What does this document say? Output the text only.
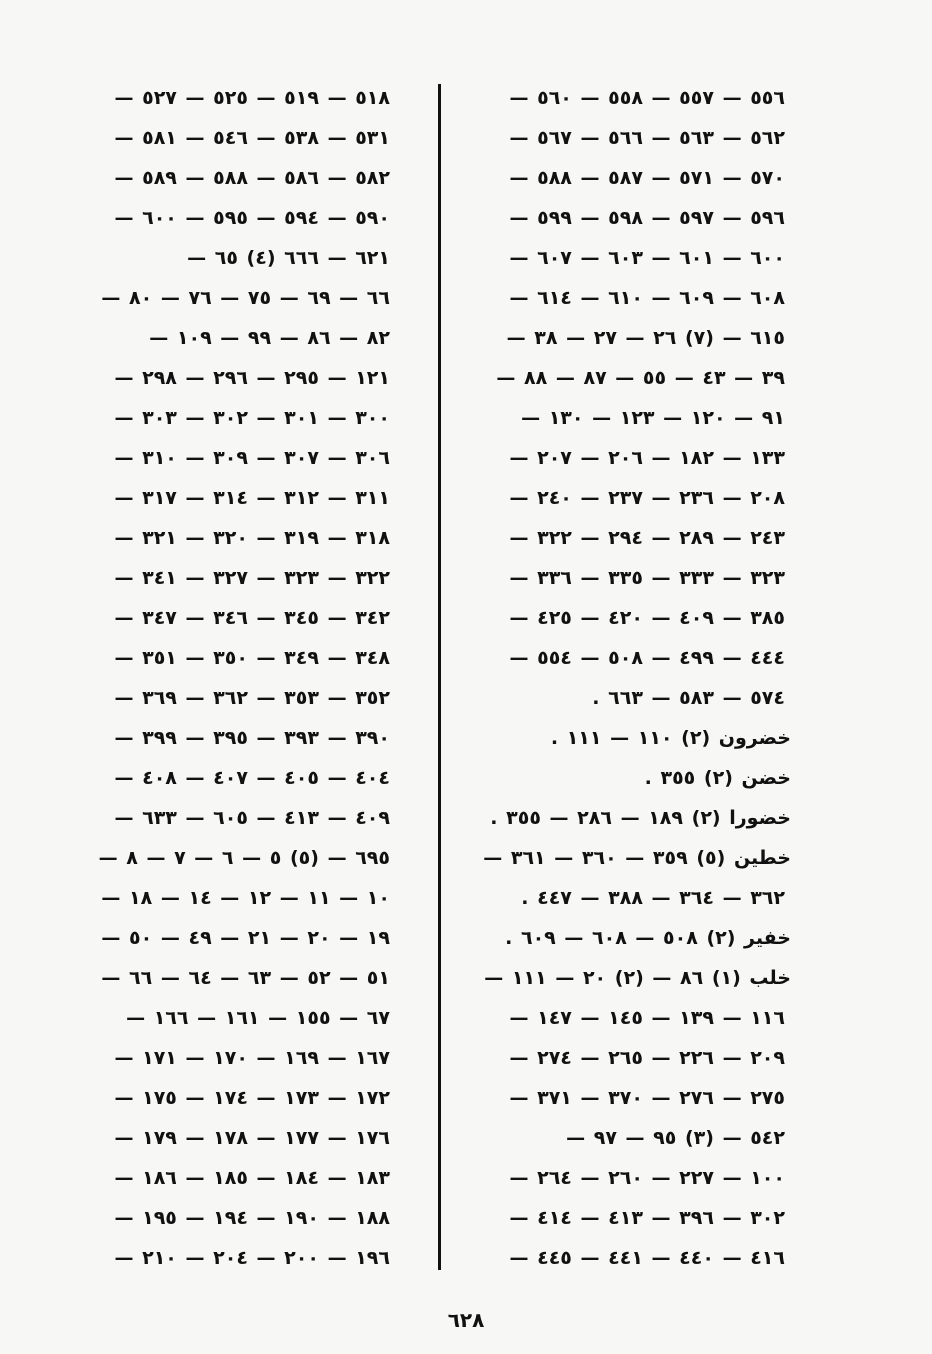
٥٥٦ — ٥٥٧ — ٥٥٨ — ٥٦٠ —
٥٦٢ — ٥٦٣ — ٥٦٦ — ٥٦٧ —
٥٧٠ — ٥٧١ — ٥٨٧ — ٥٨٨ —
٥٩٦ — ٥٩٧ — ٥٩٨ — ٥٩٩ —
٦٠٠ — ٦٠١ — ٦٠٣ — ٦٠٧ —
٦٠٨ — ٦٠٩ — ٦١٠ — ٦١٤ —
٦١٥ — (٧) ٢٦ — ٢٧ — ٣٨ —
٣٩ — ٤٣ — ٥٥ — ٨٧ — ٨٨ —
٩١ — ١٢٠ — ١٢٣ — ١٣٠ —
١٣٣ — ١٨٢ — ٢٠٦ — ٢٠٧ —
٢٠٨ — ٢٣٦ — ٢٣٧ — ٢٤٠ —
٢٤٣ — ٢٨٩ — ٢٩٤ — ٣٢٢ —
٣٢٣ — ٣٣٣ — ٣٣٥ — ٣٣٦ —
٣٨٥ — ٤٠٩ — ٤٢٠ — ٤٢٥ —
٤٤٤ — ٤٩٩ — ٥٠٨ — ٥٥٤ —
٥٧٤ — ٥٨٣ — ٦٦٣ .
خضرون (٢) ١١٠ — ١١١ .
خضن (٢) ٣٥٥ .
خضورا (٢) ١٨٩ — ٢٨٦ — ٣٥٥ .
خطين (٥) ٣٥٩ — ٣٦٠ — ٣٦١ —
٣٦٢ — ٣٦٤ — ٣٨٨ — ٤٤٧ .
خفير (٢) ٥٠٨ — ٦٠٨ — ٦٠٩ .
خلب (١) ٨٦ — (٢) ٢٠ — ١١١ —
١١٦ — ١٣٩ — ١٤٥ — ١٤٧ —
٢٠٩ — ٢٢٦ — ٢٦٥ — ٢٧٤ —
٢٧٥ — ٢٧٦ — ٣٧٠ — ٣٧١ —
٥٤٢ — (٣) ٩٥ — ٩٧ —
١٠٠ — ٢٢٧ — ٢٦٠ — ٢٦٤ —
٣٠٢ — ٣٩٦ — ٤١٣ — ٤١٤ —
٤١٦ — ٤٤٠ — ٤٤١ — ٤٤٥ —
٥١٨ — ٥١٩ — ٥٢٥ — ٥٢٧ —
٥٣١ — ٥٣٨ — ٥٤٦ — ٥٨١ —
٥٨٢ — ٥٨٦ — ٥٨٨ — ٥٨٩ —
٥٩٠ — ٥٩٤ — ٥٩٥ — ٦٠٠ —
٦٢١ — ٦٦٦ (٤) ٦٥ —
٦٦ — ٦٩ — ٧٥ — ٧٦ — ٨٠ —
٨٢ — ٨٦ — ٩٩ — ١٠٩ —
١٢١ — ٢٩٥ — ٢٩٦ — ٢٩٨ —
٣٠٠ — ٣٠١ — ٣٠٢ — ٣٠٣ —
٣٠٦ — ٣٠٧ — ٣٠٩ — ٣١٠ —
٣١١ — ٣١٢ — ٣١٤ — ٣١٧ —
٣١٨ — ٣١٩ — ٣٢٠ — ٣٢١ —
٣٢٢ — ٣٢٣ — ٣٢٧ — ٣٤١ —
٣٤٢ — ٣٤٥ — ٣٤٦ — ٣٤٧ —
٣٤٨ — ٣٤٩ — ٣٥٠ — ٣٥١ —
٣٥٢ — ٣٥٣ — ٣٦٢ — ٣٦٩ —
٣٩٠ — ٣٩٣ — ٣٩٥ — ٣٩٩ —
٤٠٤ — ٤٠٥ — ٤٠٧ — ٤٠٨ —
٤٠٩ — ٤١٣ — ٦٠٥ — ٦٣٣ —
٦٩٥ — (٥) ٥ — ٦ — ٧ — ٨ —
١٠ — ١١ — ١٢ — ١٤ — ١٨ —
١٩ — ٢٠ — ٢١ — ٤٩ — ٥٠ —
٥١ — ٥٢ — ٦٣ — ٦٤ — ٦٦ —
٦٧ — ١٥٥ — ١٦١ — ١٦٦ —
١٦٧ — ١٦٩ — ١٧٠ — ١٧١ —
١٧٢ — ١٧٣ — ١٧٤ — ١٧٥ —
١٧٦ — ١٧٧ — ١٧٨ — ١٧٩ —
١٨٣ — ١٨٤ — ١٨٥ — ١٨٦ —
١٨٨ — ١٩٠ — ١٩٤ — ١٩٥ —
١٩٦ — ٢٠٠ — ٢٠٤ — ٢١٠ —
٦٢٨
